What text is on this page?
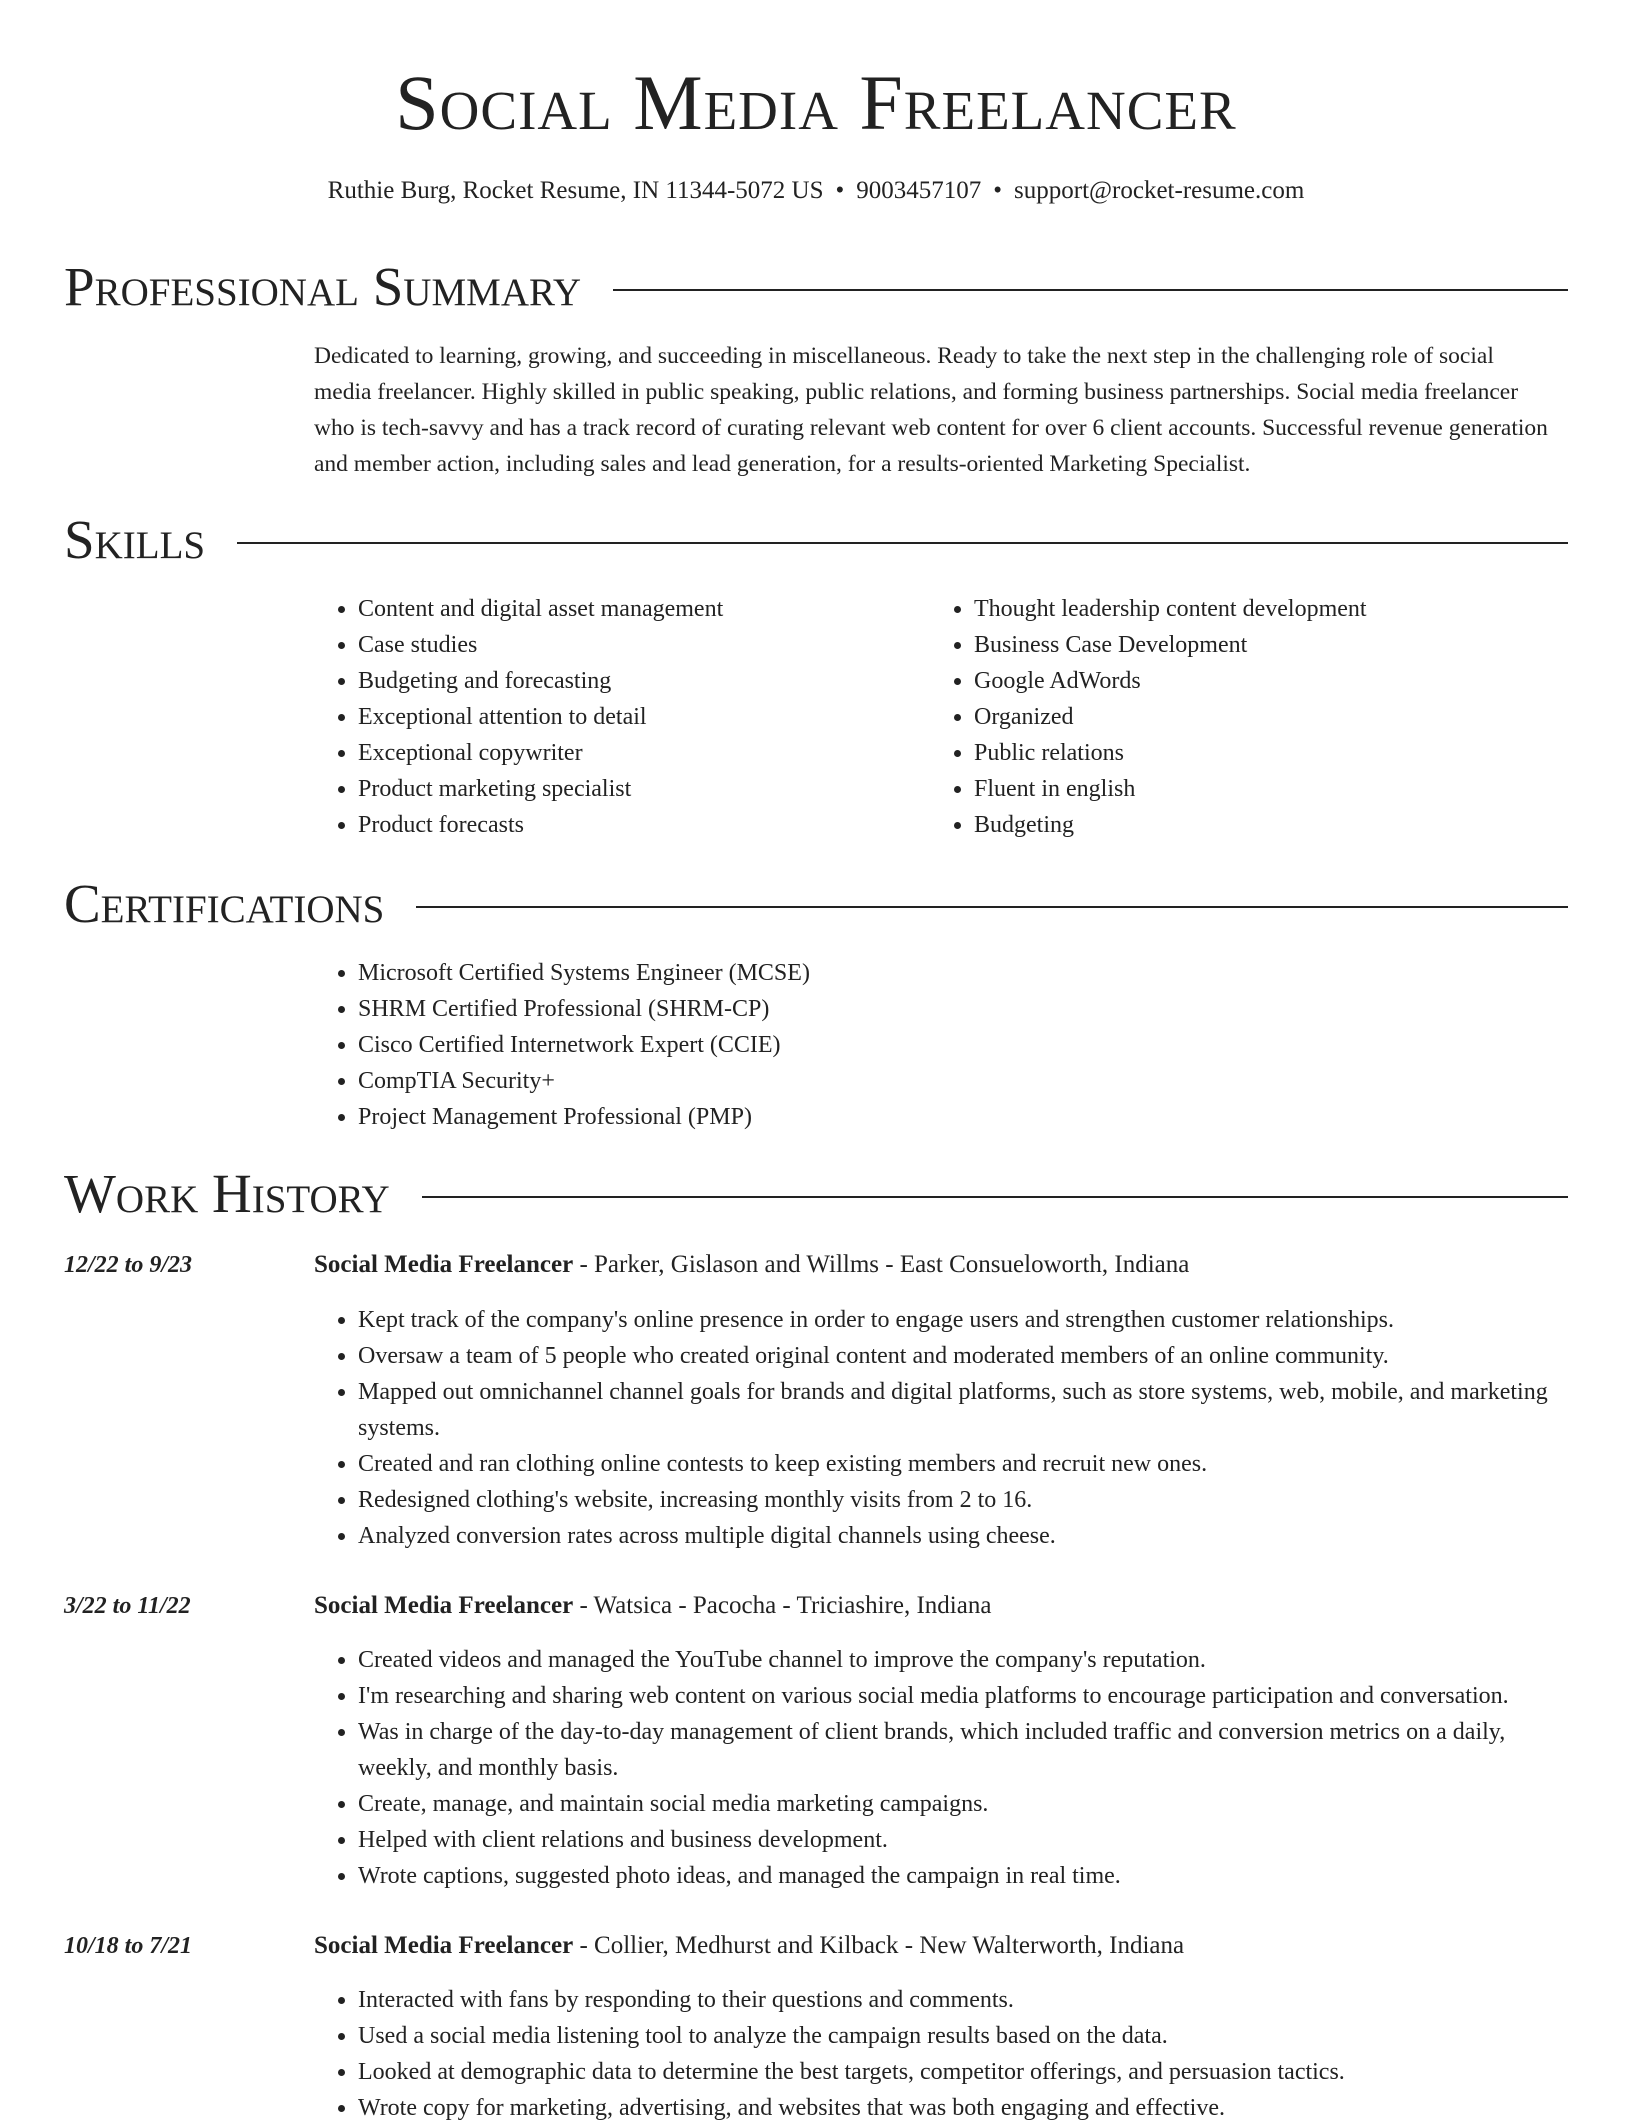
Social Media Freelancer
Ruthie Burg, Rocket Resume, IN 11344-5072 US • 9003457107 • support@rocket-resume.com
Professional Summary
Dedicated to learning, growing, and succeeding in miscellaneous. Ready to take the next step in the challenging role of social media freelancer. Highly skilled in public speaking, public relations, and forming business partnerships. Social media freelancer who is tech-savvy and has a track record of curating relevant web content for over 6 client accounts. Successful revenue generation and member action, including sales and lead generation, for a results-oriented Marketing Specialist.
Skills
• Content and digital asset management
• Case studies
• Budgeting and forecasting
• Exceptional attention to detail
• Exceptional copywriter
• Product marketing specialist
• Product forecasts
• Thought leadership content development
• Business Case Development
• Google AdWords
• Organized
• Public relations
• Fluent in english
• Budgeting
Certifications
• Microsoft Certified Systems Engineer (MCSE)
• SHRM Certified Professional (SHRM-CP)
• Cisco Certified Internetwork Expert (CCIE)
• CompTIA Security+
• Project Management Professional (PMP)
Work History
12/22 to 9/23	Social Media Freelancer - Parker, Gislason and Willms - East Consueloworth, Indiana
• Kept track of the company's online presence in order to engage users and strengthen customer relationships.
• Oversaw a team of 5 people who created original content and moderated members of an online community.
• Mapped out omnichannel channel goals for brands and digital platforms, such as store systems, web, mobile, and marketing systems.
• Created and ran clothing online contests to keep existing members and recruit new ones.
• Redesigned clothing's website, increasing monthly visits from 2 to 16.
• Analyzed conversion rates across multiple digital channels using cheese.
3/22 to 11/22	Social Media Freelancer - Watsica - Pacocha - Triciashire, Indiana
• Created videos and managed the YouTube channel to improve the company's reputation.
• I'm researching and sharing web content on various social media platforms to encourage participation and conversation.
• Was in charge of the day-to-day management of client brands, which included traffic and conversion metrics on a daily, weekly, and monthly basis.
• Create, manage, and maintain social media marketing campaigns.
• Helped with client relations and business development.
• Wrote captions, suggested photo ideas, and managed the campaign in real time.
10/18 to 7/21	Social Media Freelancer - Collier, Medhurst and Kilback - New Walterworth, Indiana
• Interacted with fans by responding to their questions and comments.
• Used a social media listening tool to analyze the campaign results based on the data.
• Looked at demographic data to determine the best targets, competitor offerings, and persuasion tactics.
• Wrote copy for marketing, advertising, and websites that was both engaging and effective.
